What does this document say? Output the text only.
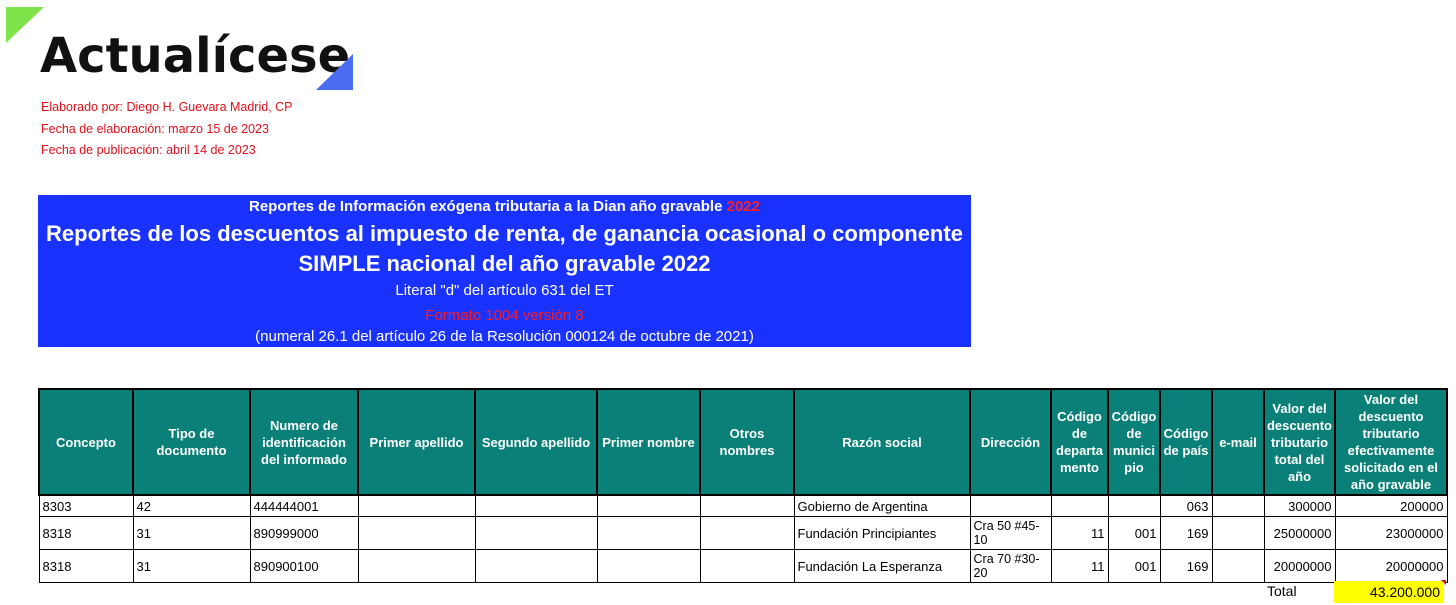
Actualícese
Elaborado por: Diego H. Guevara Madrid, CP
Fecha de elaboración: marzo 15 de 2023
Fecha de publicación: abril 14 de 2023
Reportes de Información exógena tributaria a la Dian año gravable 2022
Reportes de los descuentos al impuesto de renta, de ganancia ocasional o componente SIMPLE nacional del año gravable 2022
Literal "d" del artículo 631 del ET
Formato 1004 versión 8
(numeral 26.1 del artículo 26 de la Resolución 000124 de octubre de 2021)
Concepto	Tipo de documento	Numero de identificación del informado	Primer apellido	Segundo apellido	Primer nombre	Otros nombres	Razón social	Dirección	Código de departa mento	Código de munici pio	Código de país	e-mail	Valor del descuento tributario total del año	Valor del descuento tributario efectivamente solicitado en el año gravable
8303	42	444444001					Gobierno de Argentina				063		300000	200000
8318	31	890999000					Fundación Principiantes	Cra 50 #45-10	11	001	169		25000000	23000000
8318	31	890900100					Fundación La Esperanza	Cra 70 #30-20	11	001	169		20000000	20000000
Total	43.200.000
